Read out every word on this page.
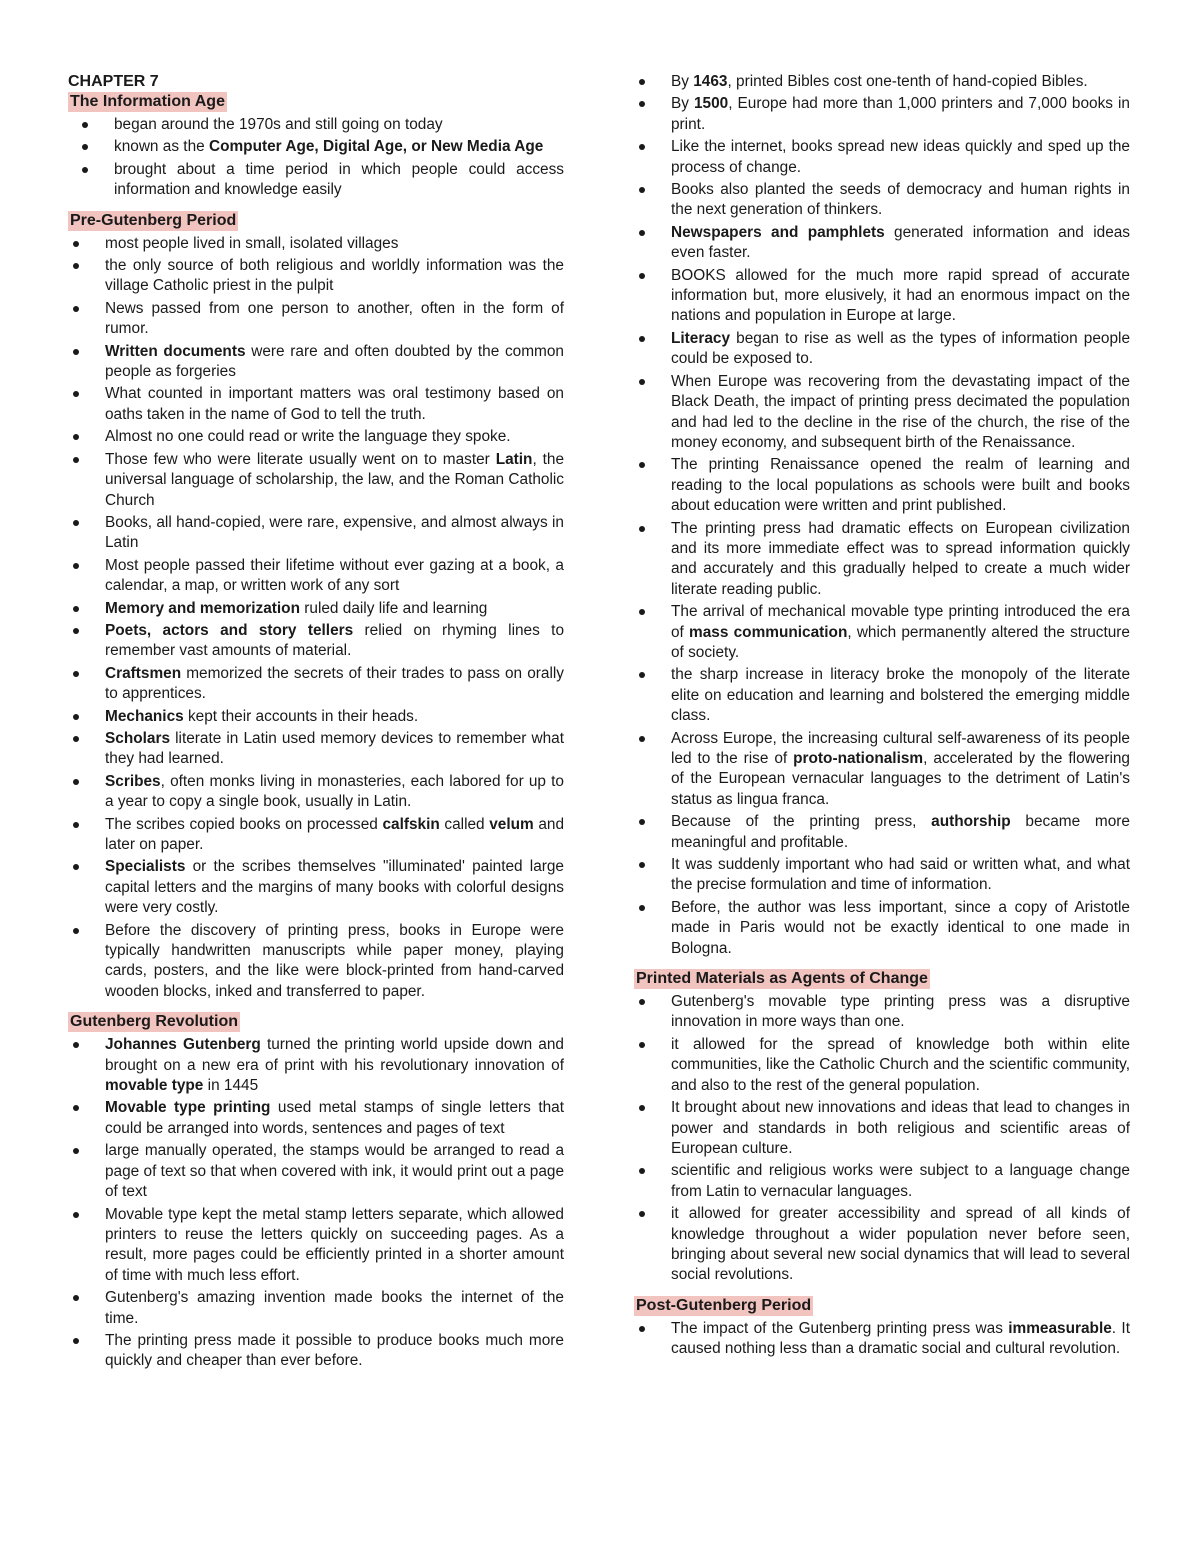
CHAPTER 7

The Information Age
began around the 1970s and still going on today
known as the Computer Age, Digital Age, or New Media Age
brought about a time period in which people could access information and knowledge easily
Pre-Gutenberg Period
most people lived in small, isolated villages
the only source of both religious and worldly information was the village Catholic priest in the pulpit
News passed from one person to another, often in the form of rumor.
Written documents were rare and often doubted by the common people as forgeries
What counted in important matters was oral testimony based on oaths taken in the name of God to tell the truth.
Almost no one could read or write the language they spoke.
Those few who were literate usually went on to master Latin, the universal language of scholarship, the law, and the Roman Catholic Church
Books, all hand-copied, were rare, expensive, and almost always in Latin
Most people passed their lifetime without ever gazing at a book, a calendar, a map, or written work of any sort
Memory and memorization ruled daily life and learning
Poets, actors and story tellers relied on rhyming lines to remember vast amounts of material.
Craftsmen memorized the secrets of their trades to pass on orally to apprentices.
Mechanics kept their accounts in their heads.
Scholars literate in Latin used memory devices to remember what they had learned.
Scribes, often monks living in monasteries, each labored for up to a year to copy a single book, usually in Latin.
The scribes copied books on processed calfskin called velum and later on paper.
Specialists or the scribes themselves "illuminated' painted large capital letters and the margins of many books with colorful designs were very costly.
Before the discovery of printing press, books in Europe were typically handwritten manuscripts while paper money, playing cards, posters, and the like were block-printed from hand-carved wooden blocks, inked and transferred to paper.
Gutenberg Revolution
Johannes Gutenberg turned the printing world upside down and brought on a new era of print with his revolutionary innovation of movable type in 1445
Movable type printing used metal stamps of single letters that could be arranged into words, sentences and pages of text
large manually operated, the stamps would be arranged to read a page of text so that when covered with ink, it would print out a page of text
Movable type kept the metal stamp letters separate, which allowed printers to reuse the letters quickly on succeeding pages. As a result, more pages could be efficiently printed in a shorter amount of time with much less effort.
Gutenberg's amazing invention made books the internet of the time.
The printing press made it possible to produce books much more quickly and cheaper than ever before.
By 1463, printed Bibles cost one-tenth of hand-copied Bibles.
By 1500, Europe had more than 1,000 printers and 7,000 books in print.
Like the internet, books spread new ideas quickly and sped up the process of change.
Books also planted the seeds of democracy and human rights in the next generation of thinkers.
Newspapers and pamphlets generated information and ideas even faster.
BOOKS allowed for the much more rapid spread of accurate information but, more elusively, it had an enormous impact on the nations and population in Europe at large.
Literacy began to rise as well as the types of information people could be exposed to.
When Europe was recovering from the devastating impact of the Black Death, the impact of printing press decimated the population and had led to the decline in the rise of the church, the rise of the money economy, and subsequent birth of the Renaissance.
The printing Renaissance opened the realm of learning and reading to the local populations as schools were built and books about education were written and print published.
The printing press had dramatic effects on European civilization and its more immediate effect was to spread information quickly and accurately and this gradually helped to create a much wider literate reading public.
The arrival of mechanical movable type printing introduced the era of mass communication, which permanently altered the structure of society.
the sharp increase in literacy broke the monopoly of the literate elite on education and learning and bolstered the emerging middle class.
Across Europe, the increasing cultural self-awareness of its people led to the rise of proto-nationalism, accelerated by the flowering of the European vernacular languages to the detriment of Latin's status as lingua franca.
Because of the printing press, authorship became more meaningful and profitable.
It was suddenly important who had said or written what, and what the precise formulation and time of information.
Before, the author was less important, since a copy of Aristotle made in Paris would not be exactly identical to one made in Bologna.
Printed Materials as Agents of Change
Gutenberg's movable type printing press was a disruptive innovation in more ways than one.
it allowed for the spread of knowledge both within elite communities, like the Catholic Church and the scientific community, and also to the rest of the general population.
It brought about new innovations and ideas that lead to changes in power and standards in both religious and scientific areas of European culture.
scientific and religious works were subject to a language change from Latin to vernacular languages.
it allowed for greater accessibility and spread of all kinds of knowledge throughout a wider population never before seen, bringing about several new social dynamics that will lead to several social revolutions.
Post-Gutenberg Period
The impact of the Gutenberg printing press was immeasurable. It caused nothing less than a dramatic social and cultural revolution.
